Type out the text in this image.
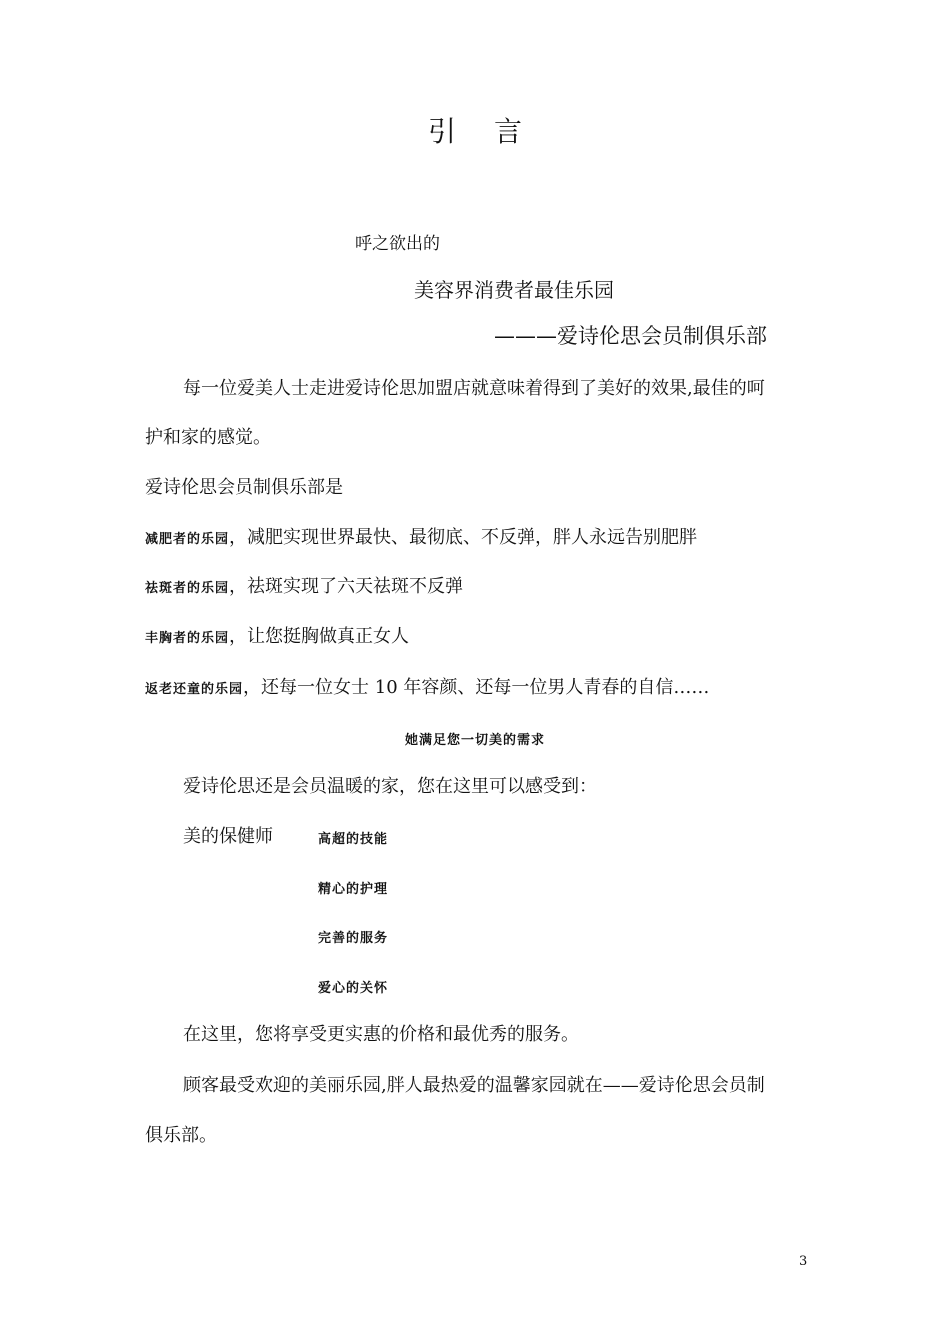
引言
呼之欲出的
美容界消费者最佳乐园
———爱诗伦思会员制俱乐部
每一位爱美人士走进爱诗伦思加盟店就意味着得到了美好的效果,最佳的呵
护和家的感觉。
爱诗伦思会员制俱乐部是
减肥者的乐园 ，减肥实现世界最快、最彻底、不反弹，胖人永远告别肥胖
祛斑者的乐园 ，祛斑实现了六天祛斑不反弹
丰胸者的乐园 ，让您挺胸做真正女人
返老还童的乐园 ，还每一位女士 10 年容颜、还每一位男人青春的自信……
她满足您一切美的需求
爱诗伦思还是会员温暖的家，您在这里可以感受到：
美的保健师	高超的技能
精心的护理
完善的服务
爱心的关怀
在这里，您将享受更实惠的价格和最优秀的服务。
顾客最受欢迎的美丽乐园,胖人最热爱的温馨家园就在——爱诗伦思会员制
俱乐部。
3
